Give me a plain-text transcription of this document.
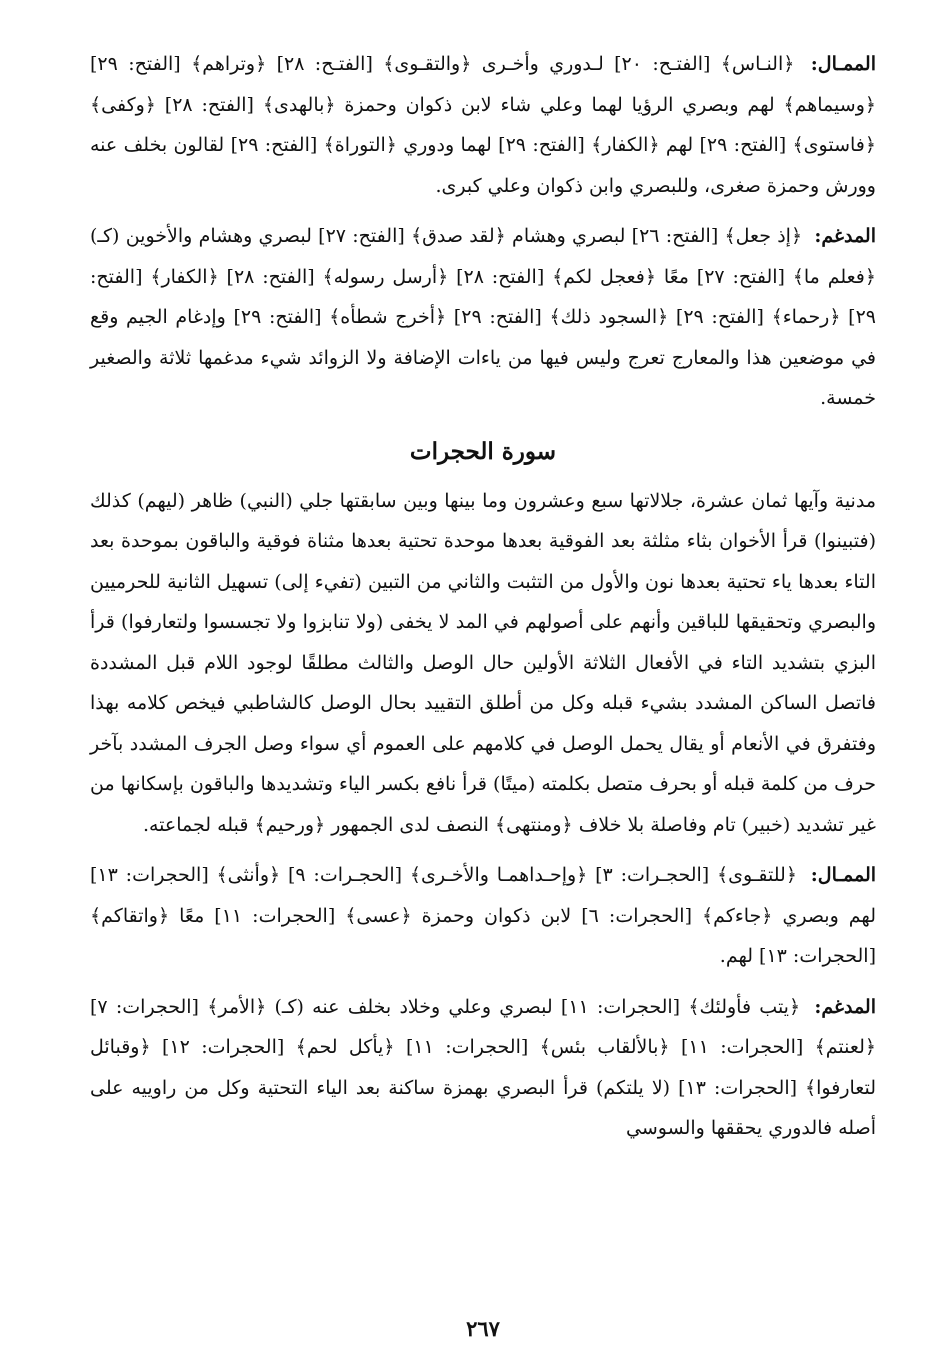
الممـال: ﴿النـاس﴾ [الفتـح: ٢٠] لـدوري وأخـرى ﴿والتقـوى﴾ [الفتـح: ٢٨] ﴿وتراهم﴾ [الفتح: ٢٩] ﴿وسيماهم﴾ لهم وبصري الرؤيا لهما وعلي شاء لابن ذكوان وحمزة ﴿بالهدى﴾ [الفتح: ٢٨] ﴿وكفى﴾ ﴿فاستوى﴾ [الفتح: ٢٩] لهم ﴿الكفار﴾ [الفتح: ٢٩] لهما ودوري ﴿التوراة﴾ [الفتح: ٢٩] لقالون بخلف عنه وورش وحمزة صغرى، وللبصري وابن ذكوان وعلي كبرى.

المدغم: ﴿إذ جعل﴾ [الفتح: ٢٦] لبصري وهشام ﴿لقد صدق﴾ [الفتح: ٢٧] لبصري وهشام والأخوين (كـ) ﴿فعلم ما﴾ [الفتح: ٢٧] معًا ﴿فعجل لكم﴾ [الفتح: ٢٨] ﴿أرسل رسوله﴾ [الفتح: ٢٨] ﴿الكفار﴾ [الفتح: ٢٩] ﴿رحماء﴾ [الفتح: ٢٩] ﴿السجود ذلك﴾ [الفتح: ٢٩] ﴿أخرج شطأه﴾ [الفتح: ٢٩] وإدغام الجيم وقع في موضعين هذا والمعارج تعرج وليس فيها من ياءات الإضافة ولا الزوائد شيء مدغمها ثلاثة والصغير خمسة.

سورة الحجرات

مدنية وآيها ثمان عشرة، جلالاتها سبع وعشرون وما بينها وبين سابقتها جلي (النبي) ظاهر (ليهم) كذلك (فتبينوا) قرأ الأخوان بثاء مثلثة بعد الفوقية بعدها موحدة تحتية بعدها مثناة فوقية والباقون بموحدة بعد التاء بعدها ياء تحتية بعدها نون والأول من التثبت والثاني من التبين (تفيء إلى) تسهيل الثانية للحرميين والبصري وتحقيقها للباقين وأنهم على أصولهم في المد لا يخفى (ولا تنابزوا ولا تجسسوا ولتعارفوا) قرأ البزي بتشديد التاء في الأفعال الثلاثة الأولين حال الوصل والثالث مطلقًا لوجود اللام قبل المشددة فاتصل الساكن المشدد بشيء قبله وكل من أطلق التقييد بحال الوصل كالشاطبي فيخص كلامه بهذا وفتفرق في الأنعام أو يقال يحمل الوصل في كلامهم على العموم أي سواء وصل الجرف المشدد بآخر حرف من كلمة قبله أو بحرف متصل بكلمته (ميتًا) قرأ نافع بكسر الياء وتشديدها والباقون بإسكانها من غير تشديد (خبير) تام وفاصلة بلا خلاف ﴿ومنتهى﴾ النصف لدى الجمهور ﴿ورحيم﴾ قبله لجماعته.

الممـال: ﴿للتقـوى﴾ [الحجـرات: ٣] ﴿وإحـداهمـا والأخـرى﴾ [الحجـرات: ٩] ﴿وأنثى﴾ [الحجرات: ١٣] لهم وبصري ﴿جاءكم﴾ [الحجرات: ٦] لابن ذكوان وحمزة ﴿عسى﴾ [الحجرات: ١١] معًا ﴿واتقاكم﴾ [الحجرات: ١٣] لهم.

المدغم: ﴿يتب فأولئك﴾ [الحجرات: ١١] لبصري وعلي وخلاد بخلف عنه (كـ) ﴿الأمر﴾ [الحجرات: ٧] ﴿لعنتم﴾ [الحجرات: ١١] ﴿بالألقاب بئس﴾ [الحجرات: ١١] ﴿يأكل لحم﴾ [الحجرات: ١٢] ﴿وقبائل لتعارفوا﴾ [الحجرات: ١٣] (لا يلتكم) قرأ البصري بهمزة ساكنة بعد الياء التحتية وكل من راوييه على أصله فالدوري يحققها والسوسي

٢٦٧
